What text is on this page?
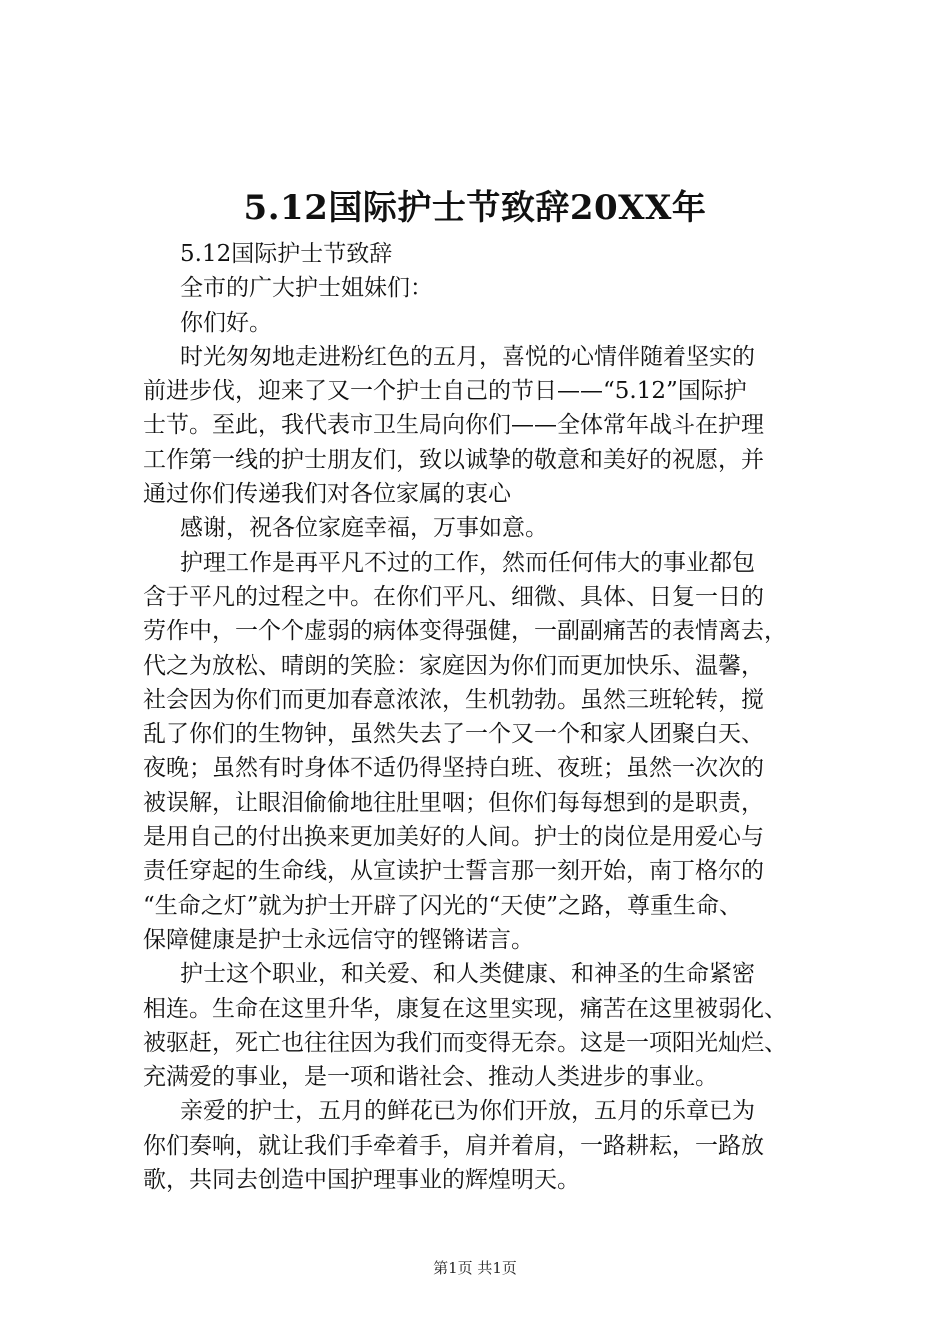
5.12国际护士节致辞20XX年
5.12国际护士节致辞
全市的广大护士姐妹们：
你们好。
时光匆匆地走进粉红色的五月，喜悦的心情伴随着坚实的
前进步伐，迎来了又一个护士自己的节日——“5.12”国际护
士节。至此，我代表市卫生局向你们——全体常年战斗在护理
工作第一线的护士朋友们，致以诚挚的敬意和美好的祝愿，并
通过你们传递我们对各位家属的衷心
感谢，祝各位家庭幸福，万事如意。
护理工作是再平凡不过的工作，然而任何伟大的事业都包
含于平凡的过程之中。在你们平凡、细微、具体、日复一日的
劳作中，一个个虚弱的病体变得强健，一副副痛苦的表情离去，
代之为放松、晴朗的笑脸：家庭因为你们而更加快乐、温馨，
社会因为你们而更加春意浓浓，生机勃勃。虽然三班轮转，搅
乱了你们的生物钟，虽然失去了一个又一个和家人团聚白天、
夜晚；虽然有时身体不适仍得坚持白班、夜班；虽然一次次的
被误解，让眼泪偷偷地往肚里咽；但你们每每想到的是职责，
是用自己的付出换来更加美好的人间。护士的岗位是用爱心与
责任穿起的生命线，从宣读护士誓言那一刻开始，南丁格尔的
“生命之灯”就为护士开辟了闪光的“天使”之路，尊重生命、
保障健康是护士永远信守的铿锵诺言。
护士这个职业，和关爱、和人类健康、和神圣的生命紧密
相连。生命在这里升华，康复在这里实现，痛苦在这里被弱化、
被驱赶，死亡也往往因为我们而变得无奈。这是一项阳光灿烂、
充满爱的事业，是一项和谐社会、推动人类进步的事业。
亲爱的护士，五月的鲜花已为你们开放，五月的乐章已为
你们奏响，就让我们手牵着手，肩并着肩，一路耕耘，一路放
歌，共同去创造中国护理事业的辉煌明天。
第1页 共1页
